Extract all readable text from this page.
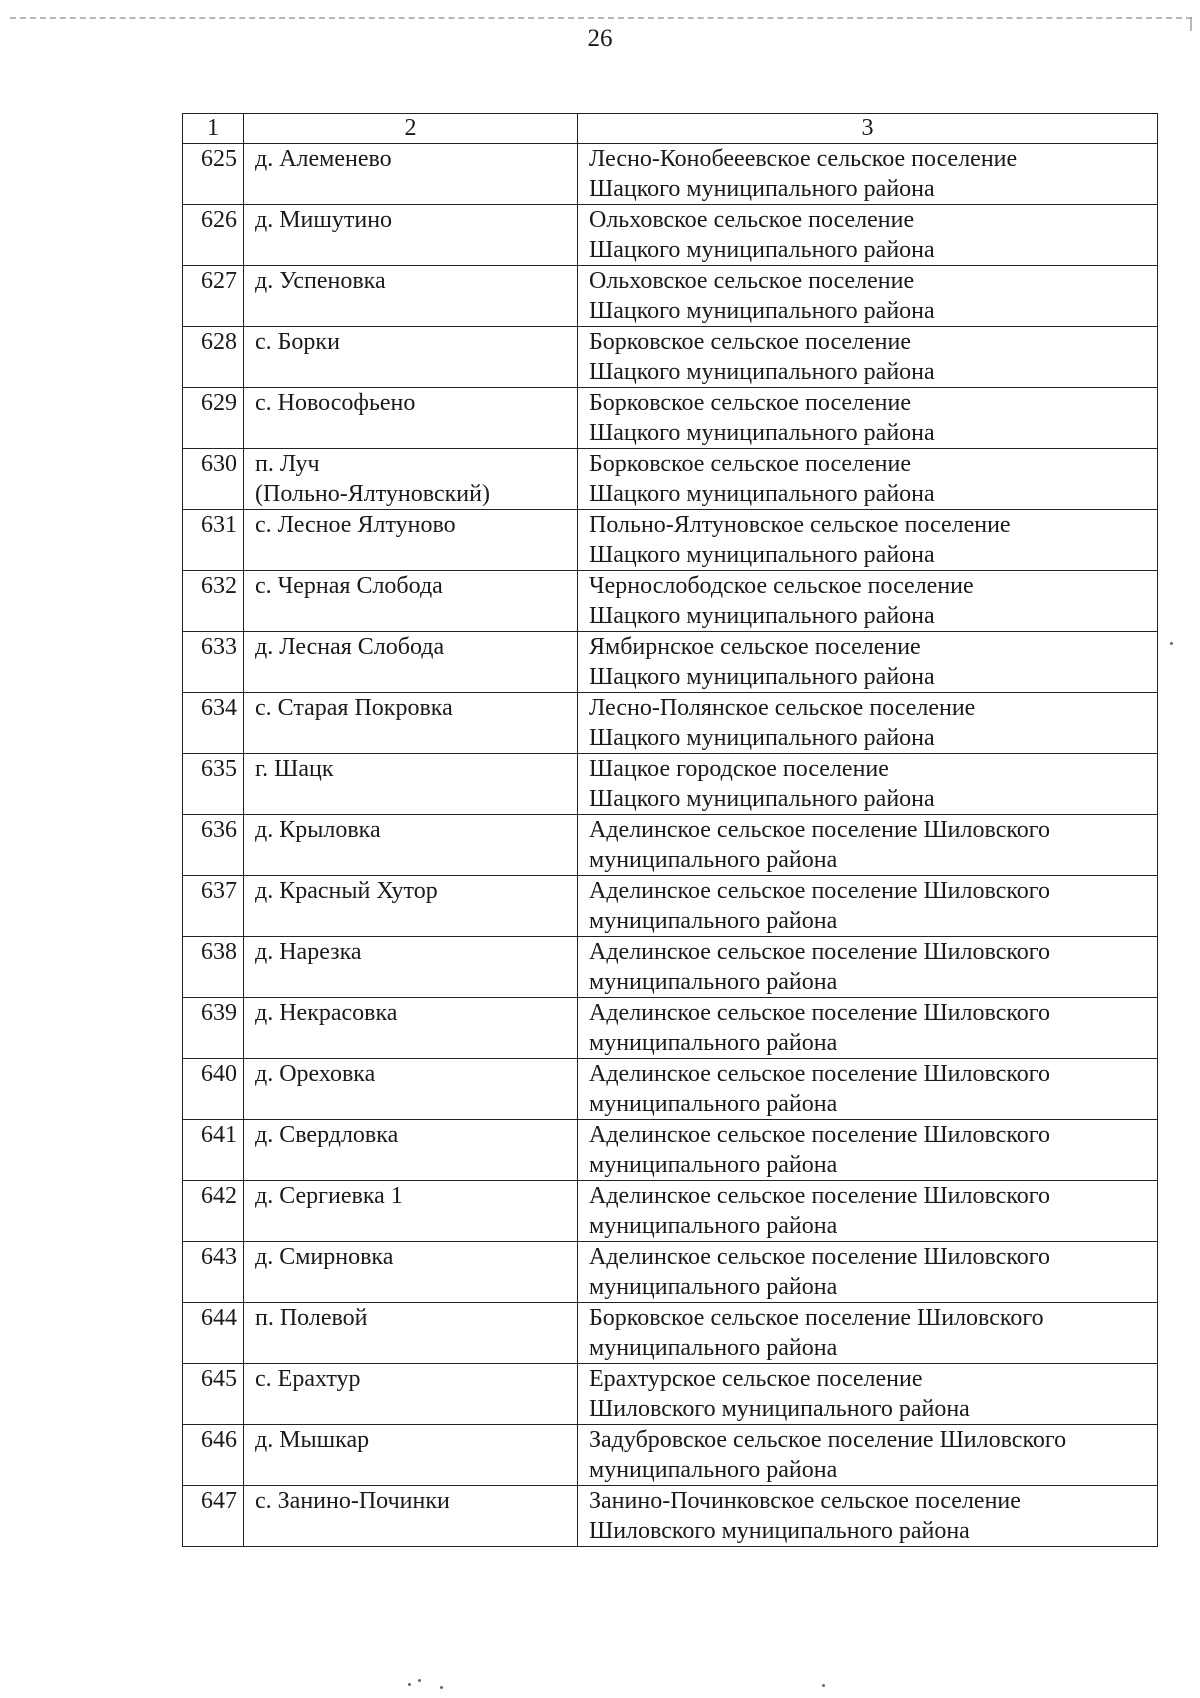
26
1	2	3
625	д. Алеменево	Лесно-Конобееевское сельское поселение
Шацкого муниципального района

626	д. Мишутино	Ольховское сельское поселение
Шацкого муниципального района

627	д. Успеновка	Ольховское сельское поселение
Шацкого муниципального района

628	с. Борки	Борковское сельское поселение
Шацкого муниципального района

629	с. Новософьено	Борковское сельское поселение
Шацкого муниципального района

630	п. Луч
(Польно-Ялтуновский)	Борковское сельское поселение
Шацкого муниципального района

631	с. Лесное Ялтуново	Польно-Ялтуновское сельское поселение
Шацкого муниципального района

632	с. Черная Слобода	Чернослободское сельское поселение
Шацкого муниципального района

633	д. Лесная Слобода	Ямбирнское сельское поселение
Шацкого муниципального района

634	с. Старая Покровка	Лесно-Полянское сельское поселение
Шацкого муниципального района

635	г. Шацк	Шацкое городское поселение
Шацкого муниципального района

636	д. Крыловка	Аделинское сельское поселение Шиловского
муниципального района

637	д. Красный Хутор	Аделинское сельское поселение Шиловского
муниципального района

638	д. Нарезка	Аделинское сельское поселение Шиловского
муниципального района

639	д. Некрасовка	Аделинское сельское поселение Шиловского
муниципального района

640	д. Ореховка	Аделинское сельское поселение Шиловского
муниципального района

641	д. Свердловка	Аделинское сельское поселение Шиловского
муниципального района

642	д. Сергиевка 1	Аделинское сельское поселение Шиловского
муниципального района

643	д. Смирновка	Аделинское сельское поселение Шиловского
муниципального района

644	п. Полевой	Борковское сельское поселение Шиловского
муниципального района

645	с. Ерахтур	Ерахтурское сельское поселение
Шиловского муниципального района

646	д. Мышкар	Задубровское сельское поселение Шиловского
муниципального района

647	с. Занино-Починки	Занино-Починковское сельское поселение
Шиловского муниципального района
